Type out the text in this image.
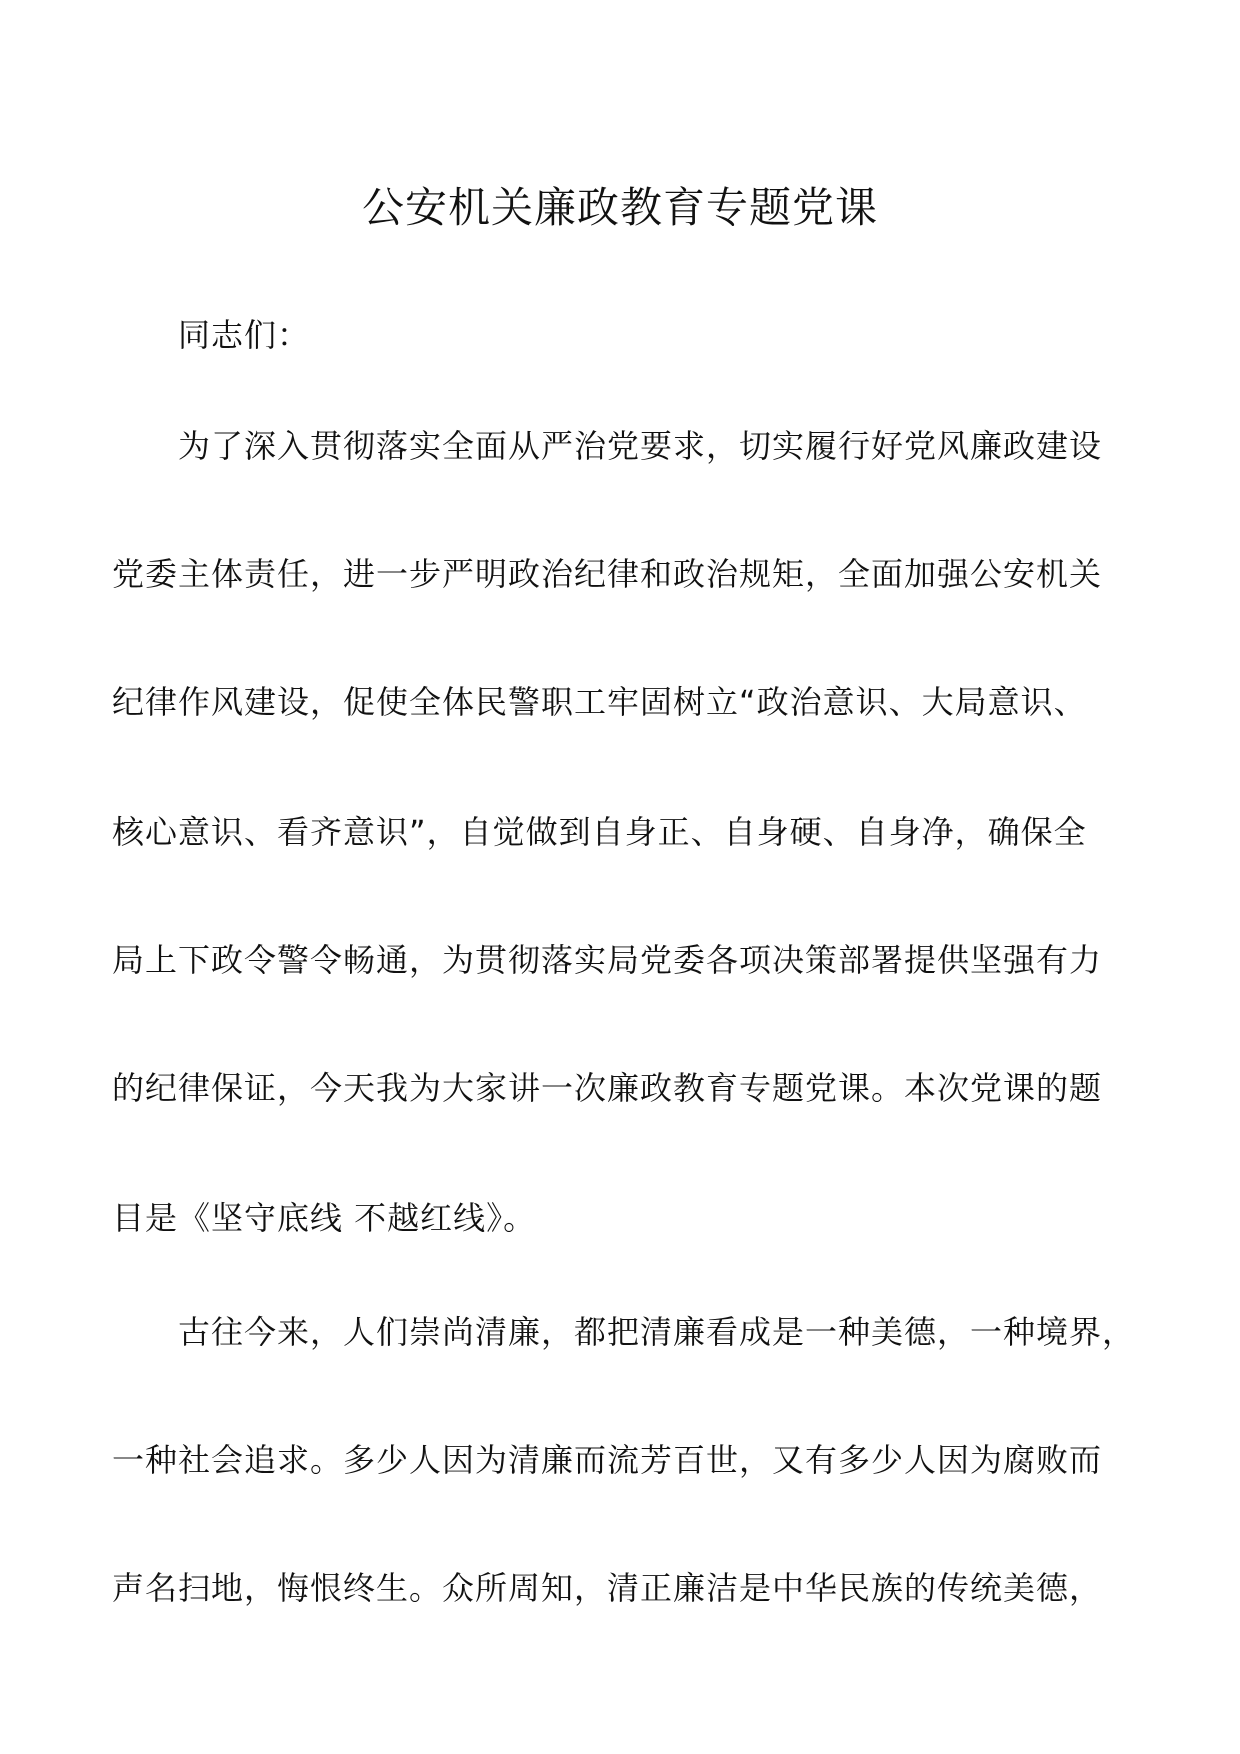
公安机关廉政教育专题党课
同志们：
为了深入贯彻落实全面从严治党要求，切实履行好党风廉政建设
党委主体责任，进一步严明政治纪律和政治规矩，全面加强公安机关
纪律作风建设，促使全体民警职工牢固树立“政治意识、大局意识、
核心意识、看齐意识”，自觉做到自身正、自身硬、自身净，确保全
局上下政令警令畅通，为贯彻落实局党委各项决策部署提供坚强有力
的纪律保证，今天我为大家讲一次廉政教育专题党课。本次党课的题
目是《坚守底线 不越红线》。
古往今来，人们崇尚清廉，都把清廉看成是一种美德，一种境界，
一种社会追求。多少人因为清廉而流芳百世，又有多少人因为腐败而
声名扫地，悔恨终生。众所周知，清正廉洁是中华民族的传统美德，
